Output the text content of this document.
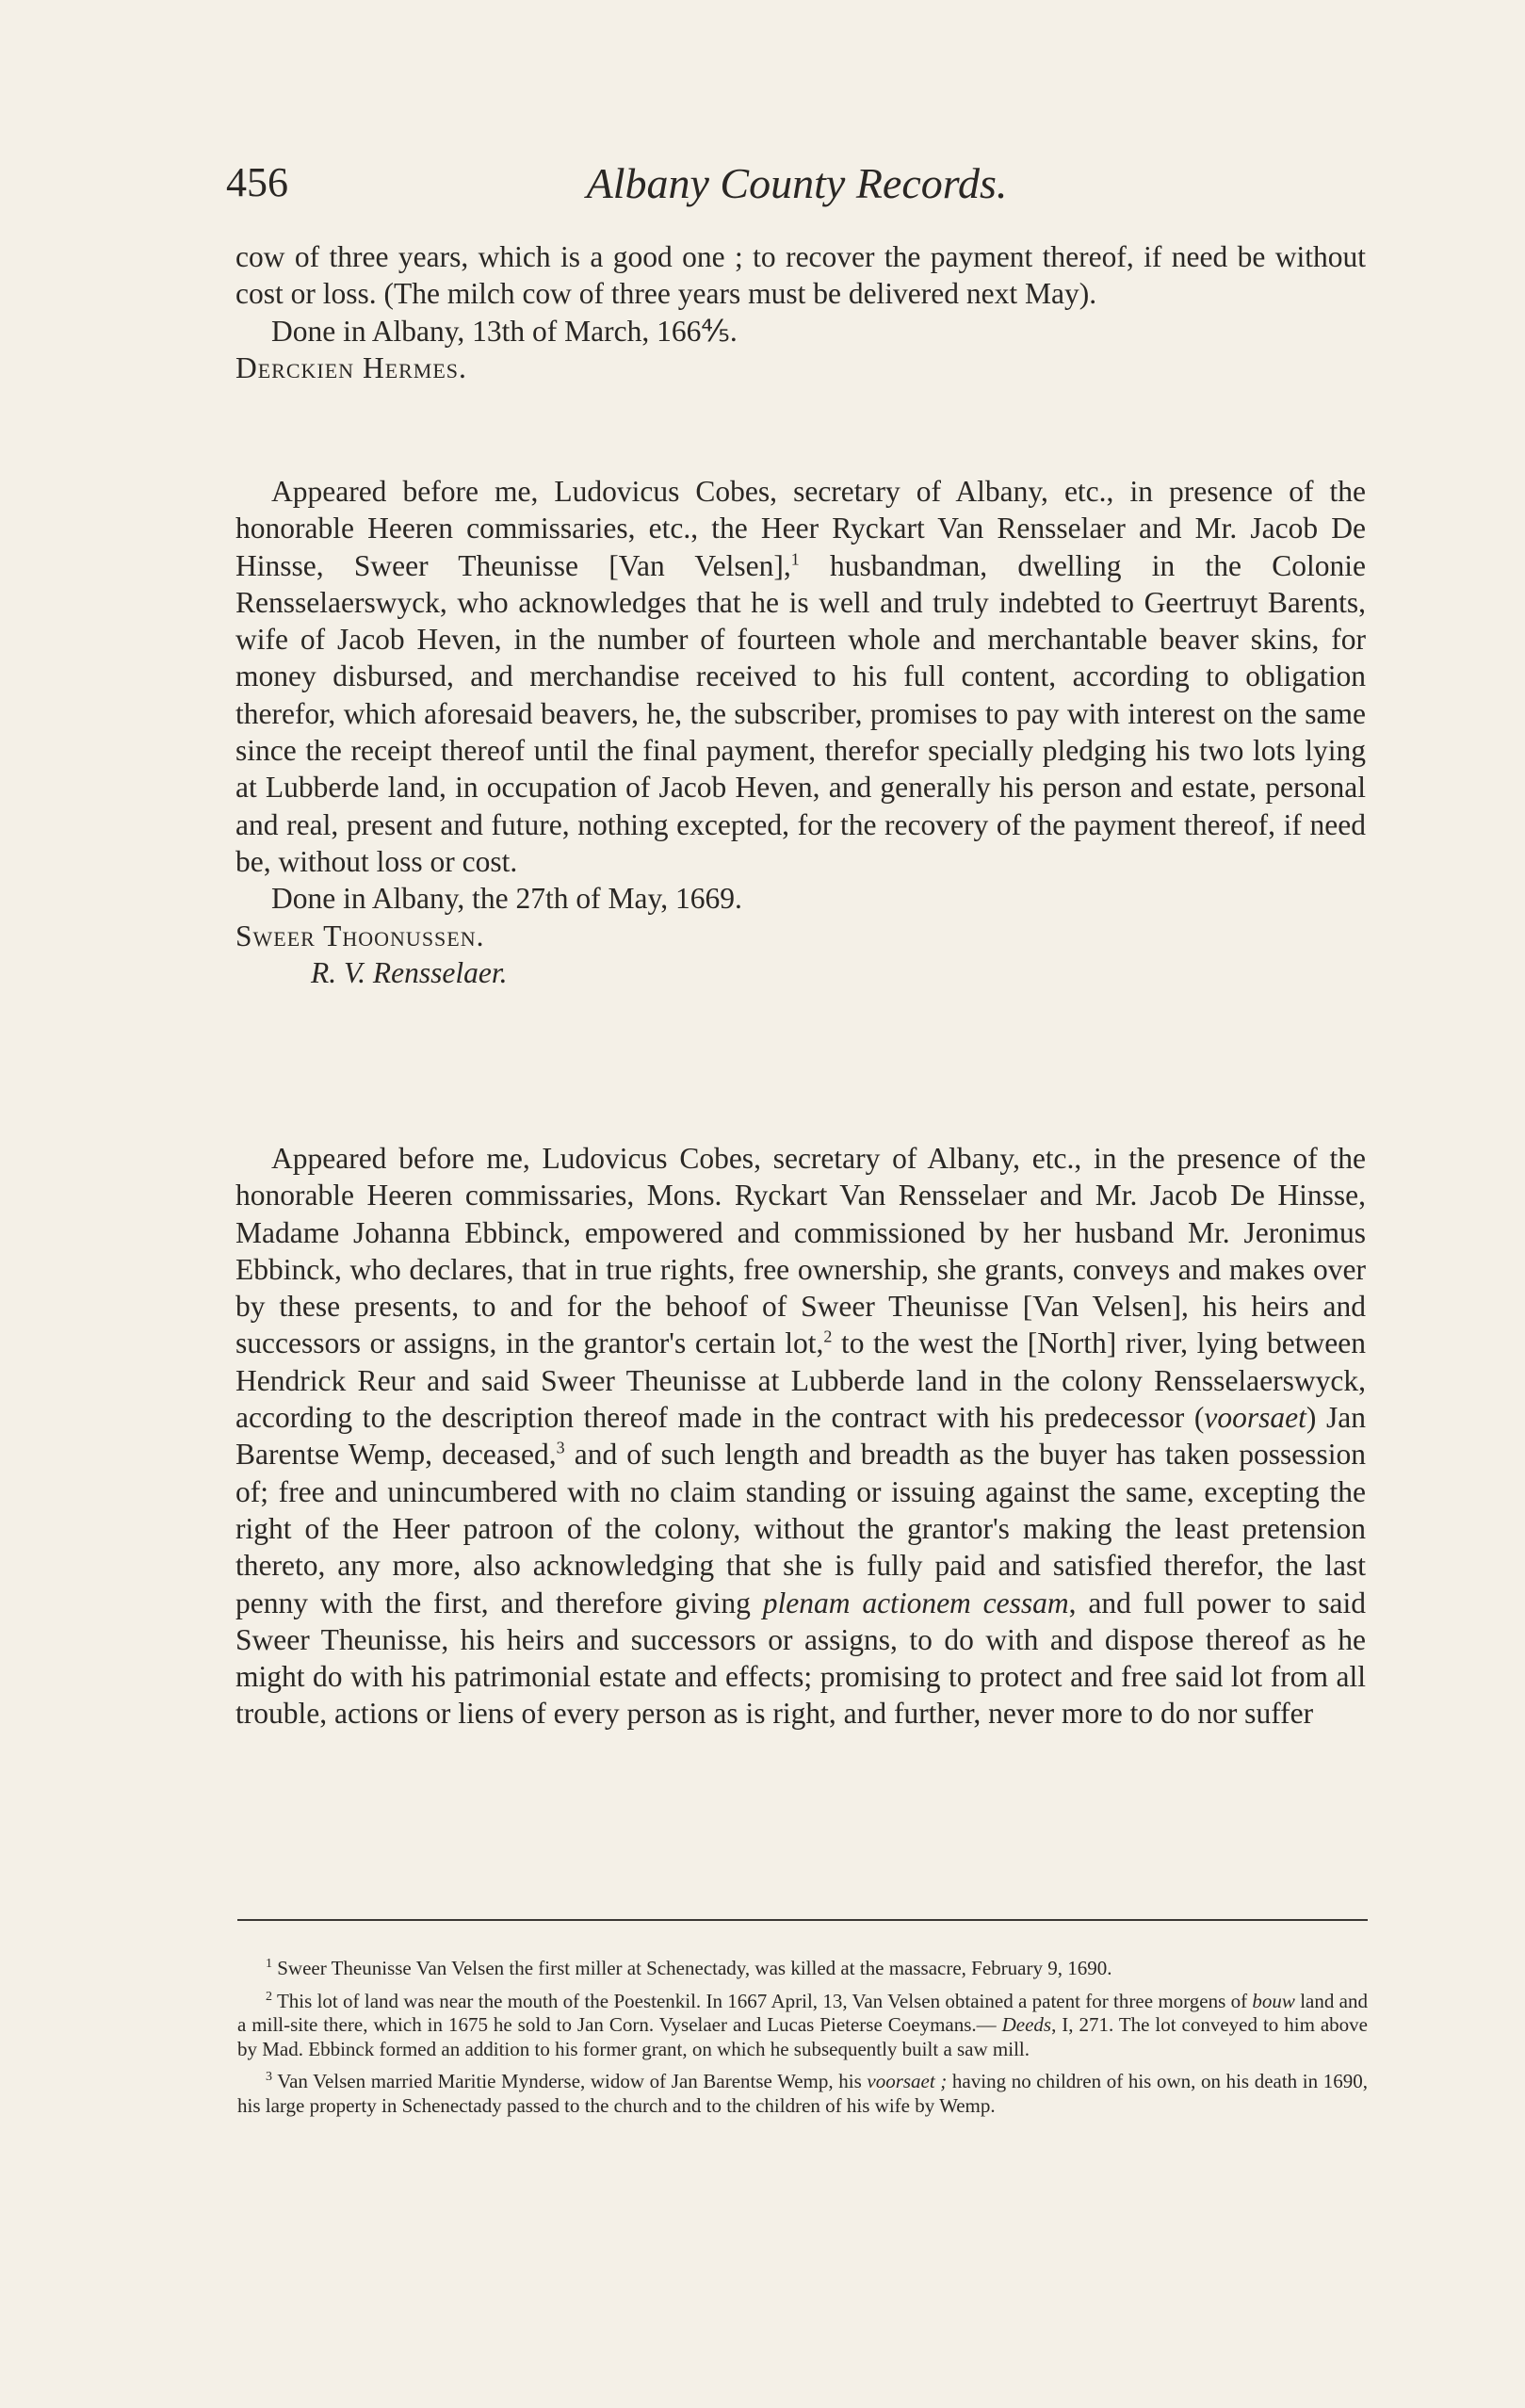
456	Albany County Records.

cow of three years, which is a good one ; to recover the payment thereof, if need be without cost or loss. (The milch cow of three years must be delivered next May).

Done in Albany, 13th of March, 166⅘.

Derckien Hermes.

Appeared before me, Ludovicus Cobes, secretary of Albany, etc., in presence of the honorable Heeren commissaries, etc., the Heer Ryckart Van Rensselaer and Mr. Jacob De Hinsse, Sweer Theunisse [Van Velsen],$^1$ husbandman, dwelling in the Colonie Rensselaerswyck, who acknowledges that he is well and truly indebted to Geertruyt Barents, wife of Jacob Heven, in the number of fourteen whole and merchantable beaver skins, for money disbursed, and merchandise received to his full content, according to obligation therefor, which aforesaid beavers, he, the subscriber, promises to pay with interest on the same since the receipt thereof until the final payment, therefor specially pledging his two lots lying at Lubberde land, in occupation of Jacob Heven, and generally his person and estate, personal and real, present and future, nothing excepted, for the recovery of the payment thereof, if need be, without loss or cost.

Done in Albany, the 27th of May, 1669.

Sweer Thoonussen.

R. V. Rensselaer.

Appeared before me, Ludovicus Cobes, secretary of Albany, etc., in the presence of the honorable Heeren commissaries, Mons. Ryckart Van Rensselaer and Mr. Jacob De Hinsse, Madame Johanna Ebbinck, empowered and commissioned by her husband Mr. Jeronimus Ebbinck, who declares, that in true rights, free ownership, she grants, conveys and makes over by these presents, to and for the behoof of Sweer Theunisse [Van Velsen], his heirs and successors or assigns, in the grantor's certain lot,$^2$ to the west the [North] river, lying between Hendrick Reur and said Sweer Theunisse at Lubberde land in the colony Rensselaerswyck, according to the description thereof made in the contract with his predecessor (voorsaet) Jan Barentse Wemp, deceased,$^3$ and of such length and breadth as the buyer has taken possession of; free and unincumbered with no claim standing or issuing against the same, excepting the right of the Heer patroon of the colony, without the grantor's making the least pretension thereto, any more, also acknowledging that she is fully paid and satisfied therefor, the last penny with the first, and therefore giving plenam actionem cessam, and full power to said Sweer Theunisse, his heirs and successors or assigns, to do with and dispose thereof as he might do with his patrimonial estate and effects; promising to protect and free said lot from all trouble, actions or liens of every person as is right, and further, never more to do nor suffer

$^1$ Sweer Theunisse Van Velsen the first miller at Schenectady, was killed at the massacre, February 9, 1690.

$^2$ This lot of land was near the mouth of the Poestenkil. In 1667 April, 13, Van Velsen obtained a patent for three morgens of bouw land and a mill-site there, which in 1675 he sold to Jan Corn. Vyselaer and Lucas Pieterse Coeymans.— Deeds, I, 271. The lot conveyed to him above by Mad. Ebbinck formed an addition to his former grant, on which he subsequently built a saw mill.

$^3$ Van Velsen married Maritie Mynderse, widow of Jan Barentse Wemp, his voorsaet ; having no children of his own, on his death in 1690, his large property in Schenectady passed to the church and to the children of his wife by Wemp.
